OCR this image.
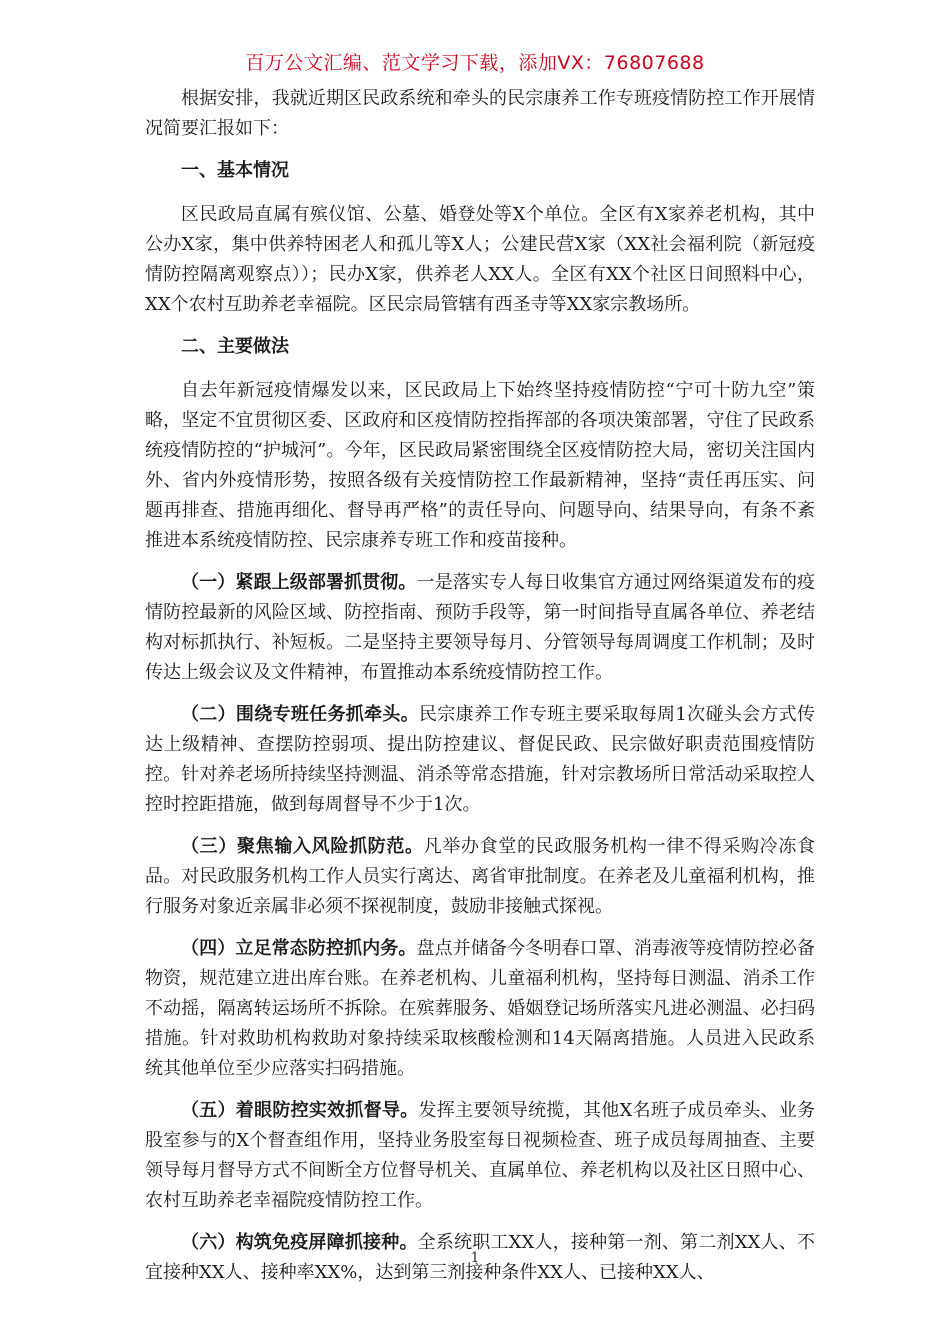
百万公文汇编、范文学习下载，添加VX：76807688

根据安排，我就近期区民政系统和牵头的民宗康养工作专班疫情防控工作开展情况简要汇报如下：

一、基本情况

区民政局直属有殡仪馆、公墓、婚登处等X个单位。全区有X家养老机构，其中公办X家，集中供养特困老人和孤儿等X人；公建民营X家（XX社会福利院（新冠疫情防控隔离观察点））；民办X家，供养老人XX人。全区有XX个社区日间照料中心，XX个农村互助养老幸福院。区民宗局管辖有西圣寺等XX家宗教场所。

二、主要做法

自去年新冠疫情爆发以来，区民政局上下始终坚持疫情防控“宁可十防九空”策略，坚定不宜贯彻区委、区政府和区疫情防控指挥部的各项决策部署，守住了民政系统疫情防控的“护城河”。今年，区民政局紧密围绕全区疫情防控大局，密切关注国内外、省内外疫情形势，按照各级有关疫情防控工作最新精神，坚持“责任再压实、问题再排查、措施再细化、督导再严格”的责任导向、问题导向、结果导向，有条不紊推进本系统疫情防控、民宗康养专班工作和疫苗接种。

（一）紧跟上级部署抓贯彻。一是落实专人每日收集官方通过网络渠道发布的疫情防控最新的风险区域、防控指南、预防手段等，第一时间指导直属各单位、养老结构对标抓执行、补短板。二是坚持主要领导每月、分管领导每周调度工作机制；及时传达上级会议及文件精神，布置推动本系统疫情防控工作。

（二）围绕专班任务抓牵头。民宗康养工作专班主要采取每周1次碰头会方式传达上级精神、查摆防控弱项、提出防控建议、督促民政、民宗做好职责范围疫情防控。针对养老场所持续坚持测温、消杀等常态措施，针对宗教场所日常活动采取控人控时控距措施，做到每周督导不少于1次。

（三）聚焦输入风险抓防范。凡举办食堂的民政服务机构一律不得采购冷冻食品。对民政服务机构工作人员实行离达、离省审批制度。在养老及儿童福利机构，推行服务对象近亲属非必须不探视制度，鼓励非接触式探视。

（四）立足常态防控抓内务。盘点并储备今冬明春口罩、消毒液等疫情防控必备物资，规范建立进出库台账。在养老机构、儿童福利机构，坚持每日测温、消杀工作不动摇，隔离转运场所不拆除。在殡葬服务、婚姻登记场所落实凡进必测温、必扫码措施。针对救助机构救助对象持续采取核酸检测和14天隔离措施。人员进入民政系统其他单位至少应落实扫码措施。

（五）着眼防控实效抓督导。发挥主要领导统揽，其他X名班子成员牵头、业务股室参与的X个督查组作用，坚持业务股室每日视频检查、班子成员每周抽查、主要领导每月督导方式不间断全方位督导机关、直属单位、养老机构以及社区日照中心、农村互助养老幸福院疫情防控工作。

（六）构筑免疫屏障抓接种。全系统职工XX人，接种第一剂、第二剂XX人、不宜接种XX人、接种率XX%，达到第三剂接种条件XX人、已接种XX人、

1
